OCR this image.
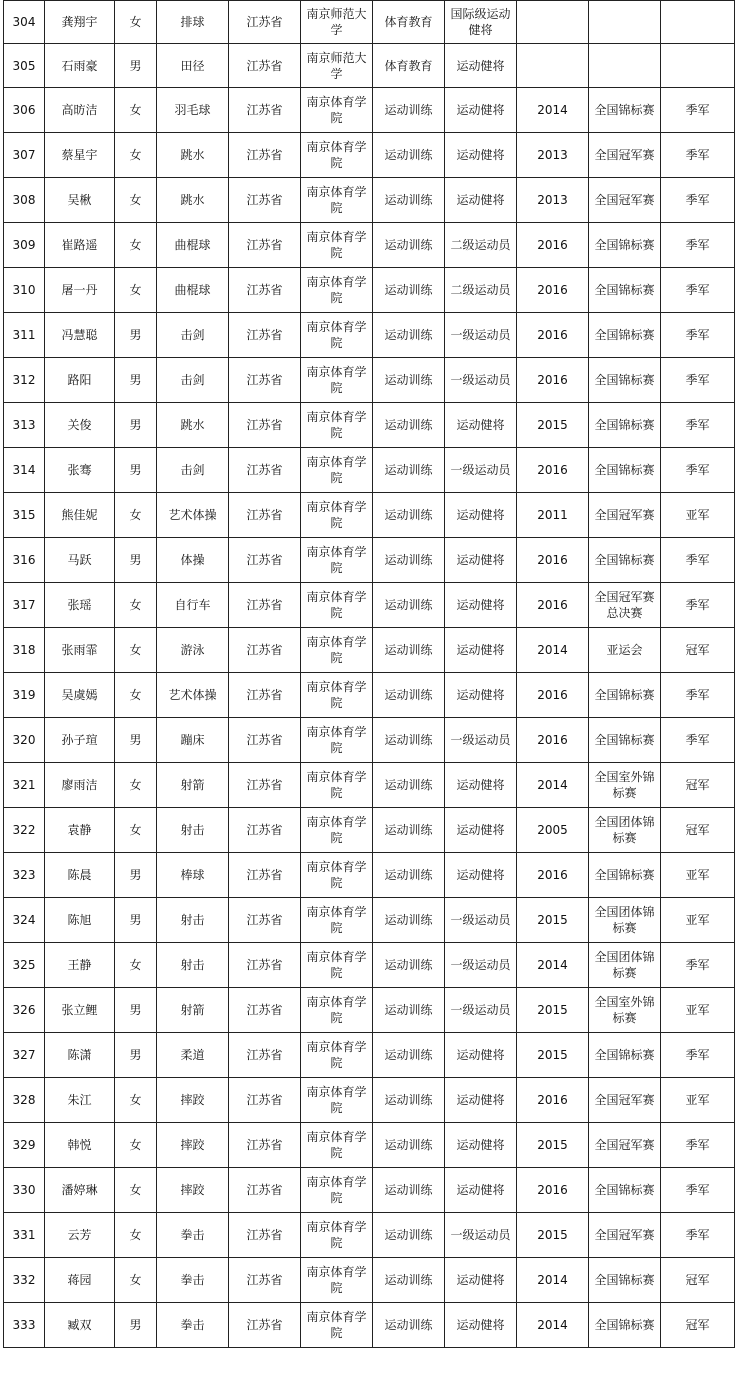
304	龚翔宇	女	排球	江苏省	南京师范大学	体育教育	国际级运动健将			
305	石雨豪	男	田径	江苏省	南京师范大学	体育教育	运动健将			
306	高昉洁	女	羽毛球	江苏省	南京体育学院	运动训练	运动健将	2014	全国锦标赛	季军
307	蔡星宇	女	跳水	江苏省	南京体育学院	运动训练	运动健将	2013	全国冠军赛	季军
308	吴楸	女	跳水	江苏省	南京体育学院	运动训练	运动健将	2013	全国冠军赛	季军
309	崔路遥	女	曲棍球	江苏省	南京体育学院	运动训练	二级运动员	2016	全国锦标赛	季军
310	屠一丹	女	曲棍球	江苏省	南京体育学院	运动训练	二级运动员	2016	全国锦标赛	季军
311	冯慧聪	男	击剑	江苏省	南京体育学院	运动训练	一级运动员	2016	全国锦标赛	季军
312	路阳	男	击剑	江苏省	南京体育学院	运动训练	一级运动员	2016	全国锦标赛	季军
313	关俊	男	跳水	江苏省	南京体育学院	运动训练	运动健将	2015	全国锦标赛	季军
314	张骞	男	击剑	江苏省	南京体育学院	运动训练	一级运动员	2016	全国锦标赛	季军
315	熊佳妮	女	艺术体操	江苏省	南京体育学院	运动训练	运动健将	2011	全国冠军赛	亚军
316	马跃	男	体操	江苏省	南京体育学院	运动训练	运动健将	2016	全国锦标赛	季军
317	张瑶	女	自行车	江苏省	南京体育学院	运动训练	运动健将	2016	全国冠军赛总决赛	季军
318	张雨霏	女	游泳	江苏省	南京体育学院	运动训练	运动健将	2014	亚运会	冠军
319	吴虞嫣	女	艺术体操	江苏省	南京体育学院	运动训练	运动健将	2016	全国锦标赛	季军
320	孙子瑄	男	蹦床	江苏省	南京体育学院	运动训练	一级运动员	2016	全国锦标赛	季军
321	廖雨洁	女	射箭	江苏省	南京体育学院	运动训练	运动健将	2014	全国室外锦标赛	冠军
322	袁静	女	射击	江苏省	南京体育学院	运动训练	运动健将	2005	全国团体锦标赛	冠军
323	陈晨	男	棒球	江苏省	南京体育学院	运动训练	运动健将	2016	全国锦标赛	亚军
324	陈旭	男	射击	江苏省	南京体育学院	运动训练	一级运动员	2015	全国团体锦标赛	亚军
325	王静	女	射击	江苏省	南京体育学院	运动训练	一级运动员	2014	全国团体锦标赛	季军
326	张立鲤	男	射箭	江苏省	南京体育学院	运动训练	一级运动员	2015	全国室外锦标赛	亚军
327	陈潇	男	柔道	江苏省	南京体育学院	运动训练	运动健将	2015	全国锦标赛	季军
328	朱江	女	摔跤	江苏省	南京体育学院	运动训练	运动健将	2016	全国冠军赛	亚军
329	韩悦	女	摔跤	江苏省	南京体育学院	运动训练	运动健将	2015	全国冠军赛	季军
330	潘婷琳	女	摔跤	江苏省	南京体育学院	运动训练	运动健将	2016	全国锦标赛	季军
331	云芳	女	拳击	江苏省	南京体育学院	运动训练	一级运动员	2015	全国冠军赛	季军
332	蒋园	女	拳击	江苏省	南京体育学院	运动训练	运动健将	2014	全国锦标赛	冠军
333	臧双	男	拳击	江苏省	南京体育学院	运动训练	运动健将	2014	全国锦标赛	冠军
